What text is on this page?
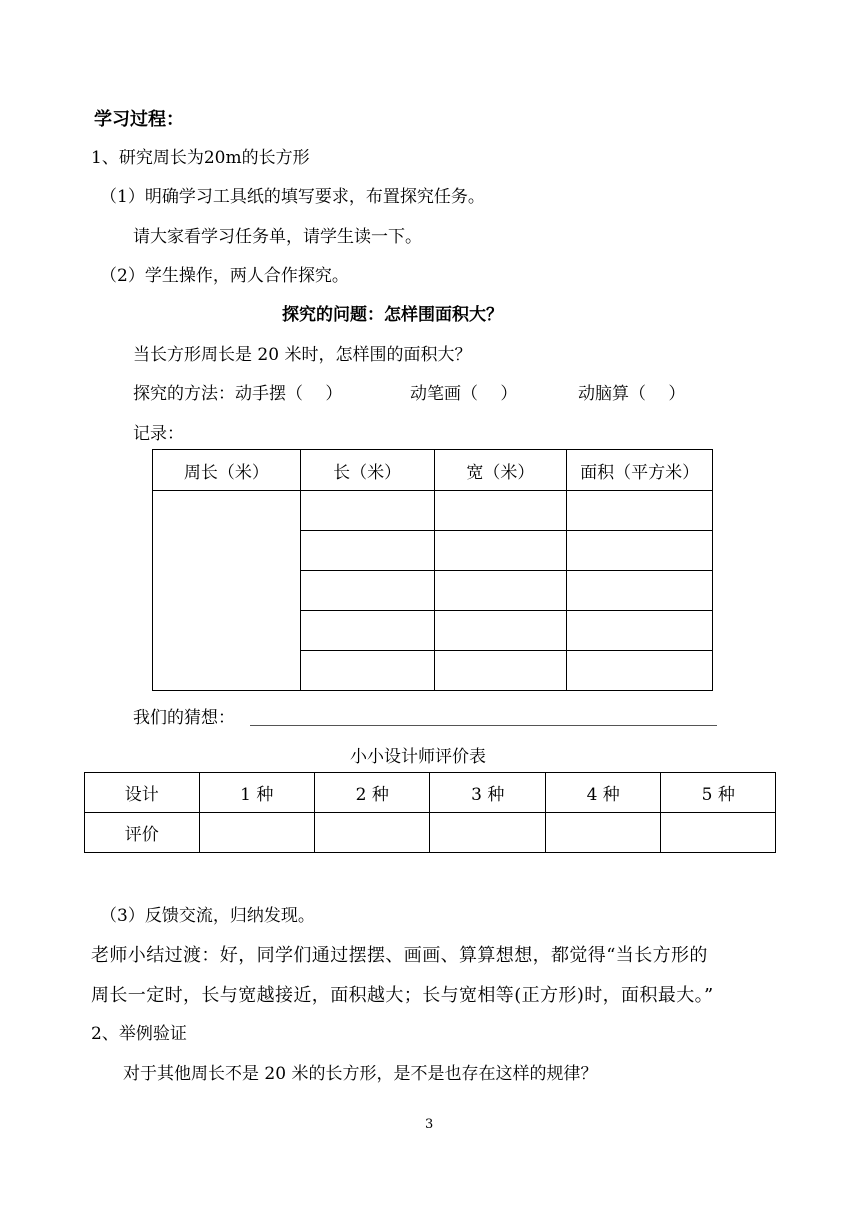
学习过程：
1、研究周长为20m的长方形
（1）明确学习工具纸的填写要求，布置探究任务。
请大家看学习任务单，请学生读一下。
（2）学生操作，两人合作探究。
探究的问题：怎样围面积大？
当长方形周长是 20 米时，怎样围的面积大？
探究的方法：动手摆（　 ）	动笔画（　 ）	动脑算（　 ）
记录：
周长（米）	长（米）	宽（米）	面积（平方米）

我们的猜想：
小小设计师评价表
设计	1 种	2 种	3 种	4 种	5 种
评价					
（3）反馈交流，归纳发现。
老师小结过渡：好，同学们通过摆摆、画画、算算想想，都觉得“当长方形的
周长一定时，长与宽越接近，面积越大；长与宽相等(正方形)时，面积最大。”
2、举例验证
对于其他周长不是 20 米的长方形，是不是也存在这样的规律？
3
